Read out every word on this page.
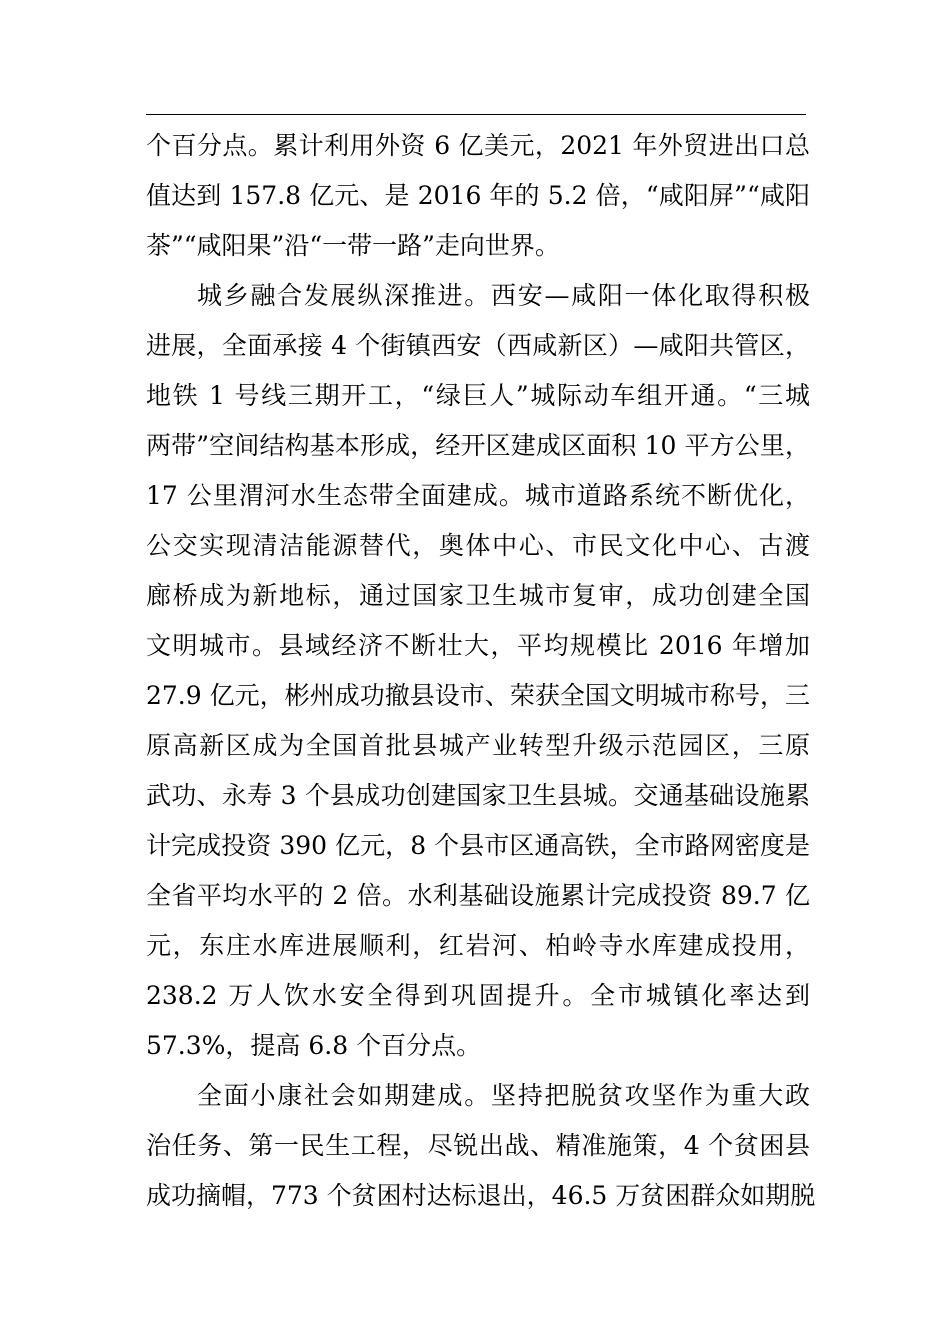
个百分点。累计利用外资 6 亿美元，2021 年外贸进出口总
值达到 157.8 亿元、是 2016 年的 5.2 倍，“咸阳屏”“咸阳
茶”“咸阳果”沿“一带一路”走向世界。
城乡融合发展纵深推进。西安—咸阳一体化取得积极
进展，全面承接 4 个街镇西安（西咸新区）—咸阳共管区，
地铁 1 号线三期开工，“绿巨人”城际动车组开通。“三城
两带”空间结构基本形成，经开区建成区面积 10 平方公里，
17 公里渭河水生态带全面建成。城市道路系统不断优化，
公交实现清洁能源替代，奥体中心、市民文化中心、古渡
廊桥成为新地标，通过国家卫生城市复审，成功创建全国
文明城市。县域经济不断壮大，平均规模比 2016 年增加
27.9 亿元，彬州成功撤县设市、荣获全国文明城市称号，三
原高新区成为全国首批县城产业转型升级示范园区，三原
武功、永寿 3 个县成功创建国家卫生县城。交通基础设施累
计完成投资 390 亿元，8 个县市区通高铁，全市路网密度是
全省平均水平的 2 倍。水利基础设施累计完成投资 89.7 亿
元，东庄水库进展顺利，红岩河、柏岭寺水库建成投用，
238.2 万人饮水安全得到巩固提升。全市城镇化率达到
57.3%，提高 6.8 个百分点。
全面小康社会如期建成。坚持把脱贫攻坚作为重大政
治任务、第一民生工程，尽锐出战、精准施策，4 个贫困县
成功摘帽，773 个贫困村达标退出，46.5 万贫困群众如期脱
